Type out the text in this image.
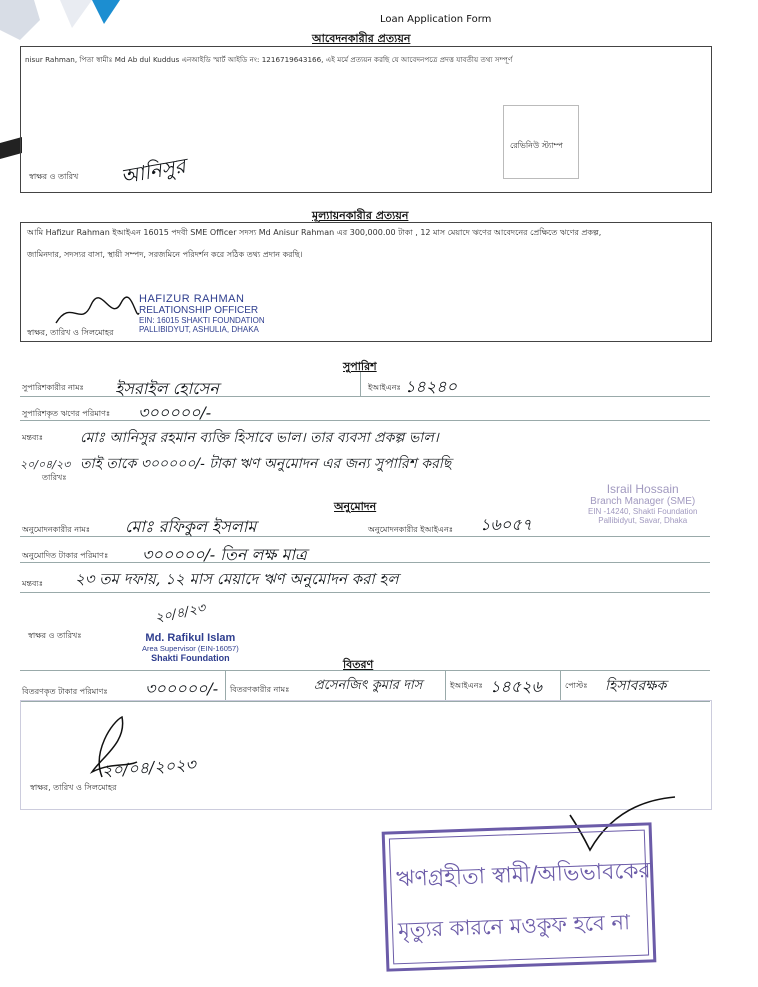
Loan Application Form
আবেদনকারীর প্রত্যয়ন
nisur Rahman, পিতা স্বামীঃ Md Ab dul Kuddus এনআইডি স্মার্ট আইডি নং: 1216719643166, এই মর্মে প্রত্যয়ন করছি যে আবেদনপত্রে প্রদত্ত যাবতীয় তথ্য সম্পূর্ণ
রেভিনিউ স্ট্যাম্প
আনিসুর
স্বাক্ষর ও তারিখ
মূল্যায়নকারীর প্রত্যয়ন
আমি Hafizur Rahman ইআইএন 16015 পদবী SME Officer সদস্য Md Anisur Rahman এর 300,000.00 টাকা , 12 মাস মেয়াদে ঋণের আবেদনের প্রেক্ষিতে ঋণের প্রকল্প,
জামিনদার, সদস্যর বাসা, স্থায়ী সম্পদ, সরজমিনে পরিদর্শন করে সঠিক তথ্য প্রদান করছি।
HAFIZUR RAHMAN
RELATIONSHIP OFFICER
EIN: 16015 SHAKTI FOUNDATION
PALLIBIDYUT, ASHULIA, DHAKA
স্বাক্ষর, তারিখ ও সিলমোহর
সুপারিশ
সুপারিশকারীর নামঃ ইসরাইল হোসেন	ইআইএনঃ ১৪২৪০
সুপারিশকৃত ঋণের পরিমাণঃ ৩০০০০০/-
মন্তব্যঃ	মোঃ আনিসুর রহমান ব্যক্তি হিসাবে ভাল। তার ব্যবসা প্রকল্প ভাল।
তাই তাকে ৩০০০০০/- টাকা ঋণ অনুমোদন এর জন্য সুপারিশ করছি
২০/০৪/২৩
তারিখঃ
Israil Hossain
Branch Manager (SME)
EIN -14240, Shakti Foundation
Pallibidyut, Savar, Dhaka
অনুমোদন
অনুমোদনকারীর নামঃ মোঃ রফিকুল ইসলাম	অনুমোদনকারীর ইআইএনঃ ১৬০৫৭
অনুমোদিত টাকার পরিমাণঃ ৩০০০০০/- তিন লক্ষ মাত্র
মন্তব্যঃ ২৩ তম দফায়, ১২ মাস মেয়াদে ঋণ অনুমোদন করা হল
স্বাক্ষর ও তারিখঃ
২০/৪/২৩
Md. Rafikul Islam
Area Supervisor (EIN-16057)
Shakti Foundation	বিতরণ
বিতরণকৃত টাকার পরিমাণঃ ৩০০০০০/- বিতরণকারীর নামঃ প্রসেনজিৎ কুমার দাস	ইআইএনঃ ১৪৫২৬	পোস্টঃ হিসাবরক্ষক
২০/০৪/২০২৩
স্বাক্ষর, তারিখ ও সিলমোহর
ঋণগ্রহীতা স্বামী/অভিভাবকের
মৃত্যুর কারনে মওকুফ হবে না
